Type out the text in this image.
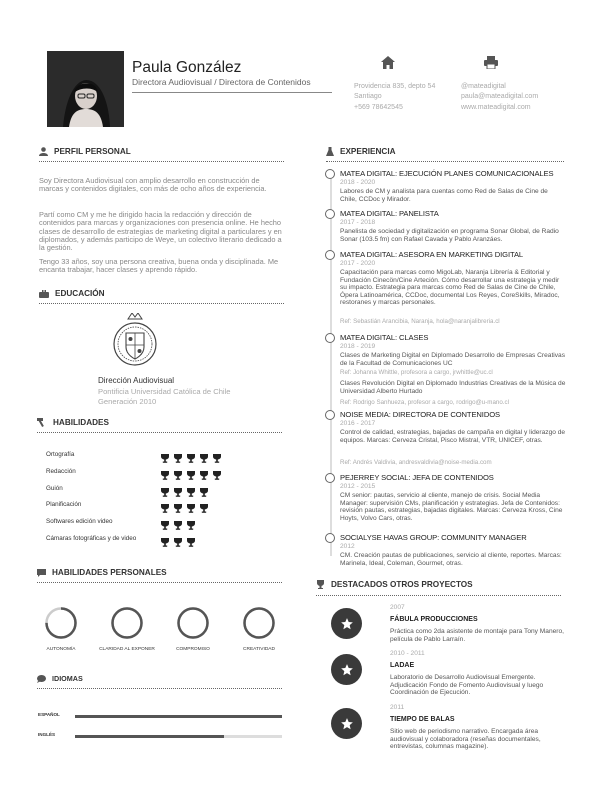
Paula González
Directora Audiovisual / Directora de Contenidos	Providencia 835, depto 54
Santiago
+569 78642545
@mateadigital
paula@mateadigital.com
www.mateadigital.com
PERFIL PERSONAL
Soy Directora Audiovisual con amplio desarrollo en construcción de marcas y contenidos digitales, con más de ocho años de experiencia.
Partí como CM y me he dirigido hacia la redacción y dirección de contenidos para marcas y organizaciones con presencia online. He hecho clases de desarrollo de estrategias de marketing digital a particulares y en diplomados, y además participo de Weye, un colectivo literario dedicado a la gestión.
Tengo 33 años, soy una persona creativa, buena onda y disciplinada. Me encanta trabajar, hacer clases y aprendo rápido.
EDUCACIÓN
Dirección Audiovisual
Pontificia Universidad Católica de Chile
Generación 2010
HABILIDADES
Ortografía
Redacción
Guión
Planificación
Softwares edición video
Cámaras fotográficas y de video
HABILIDADES PERSONALES
AUTONOMÍA	CLARIDAD AL EXPONER	COMPROMISO	CREATIVIDAD
IDIOMAS
ESPAÑOL
INGLÉS
EXPERIENCIA
MATEA DIGITAL: EJECUCIÓN PLANES COMUNICACIONALES
2018 - 2020
Labores de CM y analista para cuentas como Red de Salas de Cine de Chile, CCDoc y Mirador.
MATEA DIGITAL: PANELISTA
2017 - 2018
Panelista de sociedad y digitalización en programa Sonar Global, de Radio Sonar (103.5 fm) con Rafael Cavada y Pablo Aranzáes.
MATEA DIGITAL: ASESORA EN MARKETING DIGITAL
2017 - 2020
Capacitación para marcas como MigoLab, Naranja Librería & Editorial y Fundación Cinecön/Cine Arteción. Cómo desarrollar una estrategia y medir su impacto. Estrategia para marcas como Red de Salas de Cine de Chile, Ópera Latinoamérica, CCDoc, documental Los Reyes, CoreSkills, Miradoc, restoranes y marcas personales.
MATEA DIGITAL: CLASES
2018 - 2019
Clases de Marketing Digital en Diplomado Desarrollo de Empresas Creativas de la Facultad de Comunicaciones UC
NOISE MEDIA: DIRECTORA DE CONTENIDOS
2016 - 2017
Control de calidad, estrategias, bajadas de campaña en digital y liderazgo de equipos. Marcas: Cerveza Cristal, Pisco Mistral, VTR, UNICEF, otras.
PEJERREY SOCIAL: JEFA DE CONTENIDOS
2012 - 2015
CM senior: pautas, servicio al cliente, manejo de crisis. Social Media Manager: supervisión CMs, planificación y estrategias. Jefa de Contenidos: revisión pautas, estrategias, bajadas digitales. Marcas: Cerveza Kross, Cine Hoyts, Volvo Cars, otras.
SOCIALYSE HAVAS GROUP: COMMUNITY MANAGER
2012
CM. Creación pautas de publicaciones, servicio al cliente, reportes. Marcas: Marinela, Ideal, Coleman, Gourmet, otras.
Ref: Sebastián Arancibia, Naranja, hola@naranjalibreria.cl
Ref: Johanna Whittle, profesora a cargo, jrwhittle@uc.cl
Clases Revolución Digital en Diplomado Industrias Creativas de la Música de Universidad Alberto Hurtado
Ref: Rodrigo Sanhueza, profesor a cargo, rodrigo@u-mano.cl
Ref: Andrés Valdivia, andresvaldivia@noise-media.com
DESTACADOS OTROS PROYECTOS
2007
FÁBULA PRODUCCIONES
Práctica como 2da asistente de montaje para Tony Manero, película de Pablo Larraín.
2010 - 2011
LADAE
Laboratorio de Desarrollo Audiovisual Emergente. Adjudicación Fondo de Fomento Audiovisual y luego Coordinación de Ejecución.
2011
TIEMPO DE BALAS
Sitio web de periodismo narrativo. Encargada área audiovisual y colaboradora (reseñas documentales, entrevistas, columnas magazine).
